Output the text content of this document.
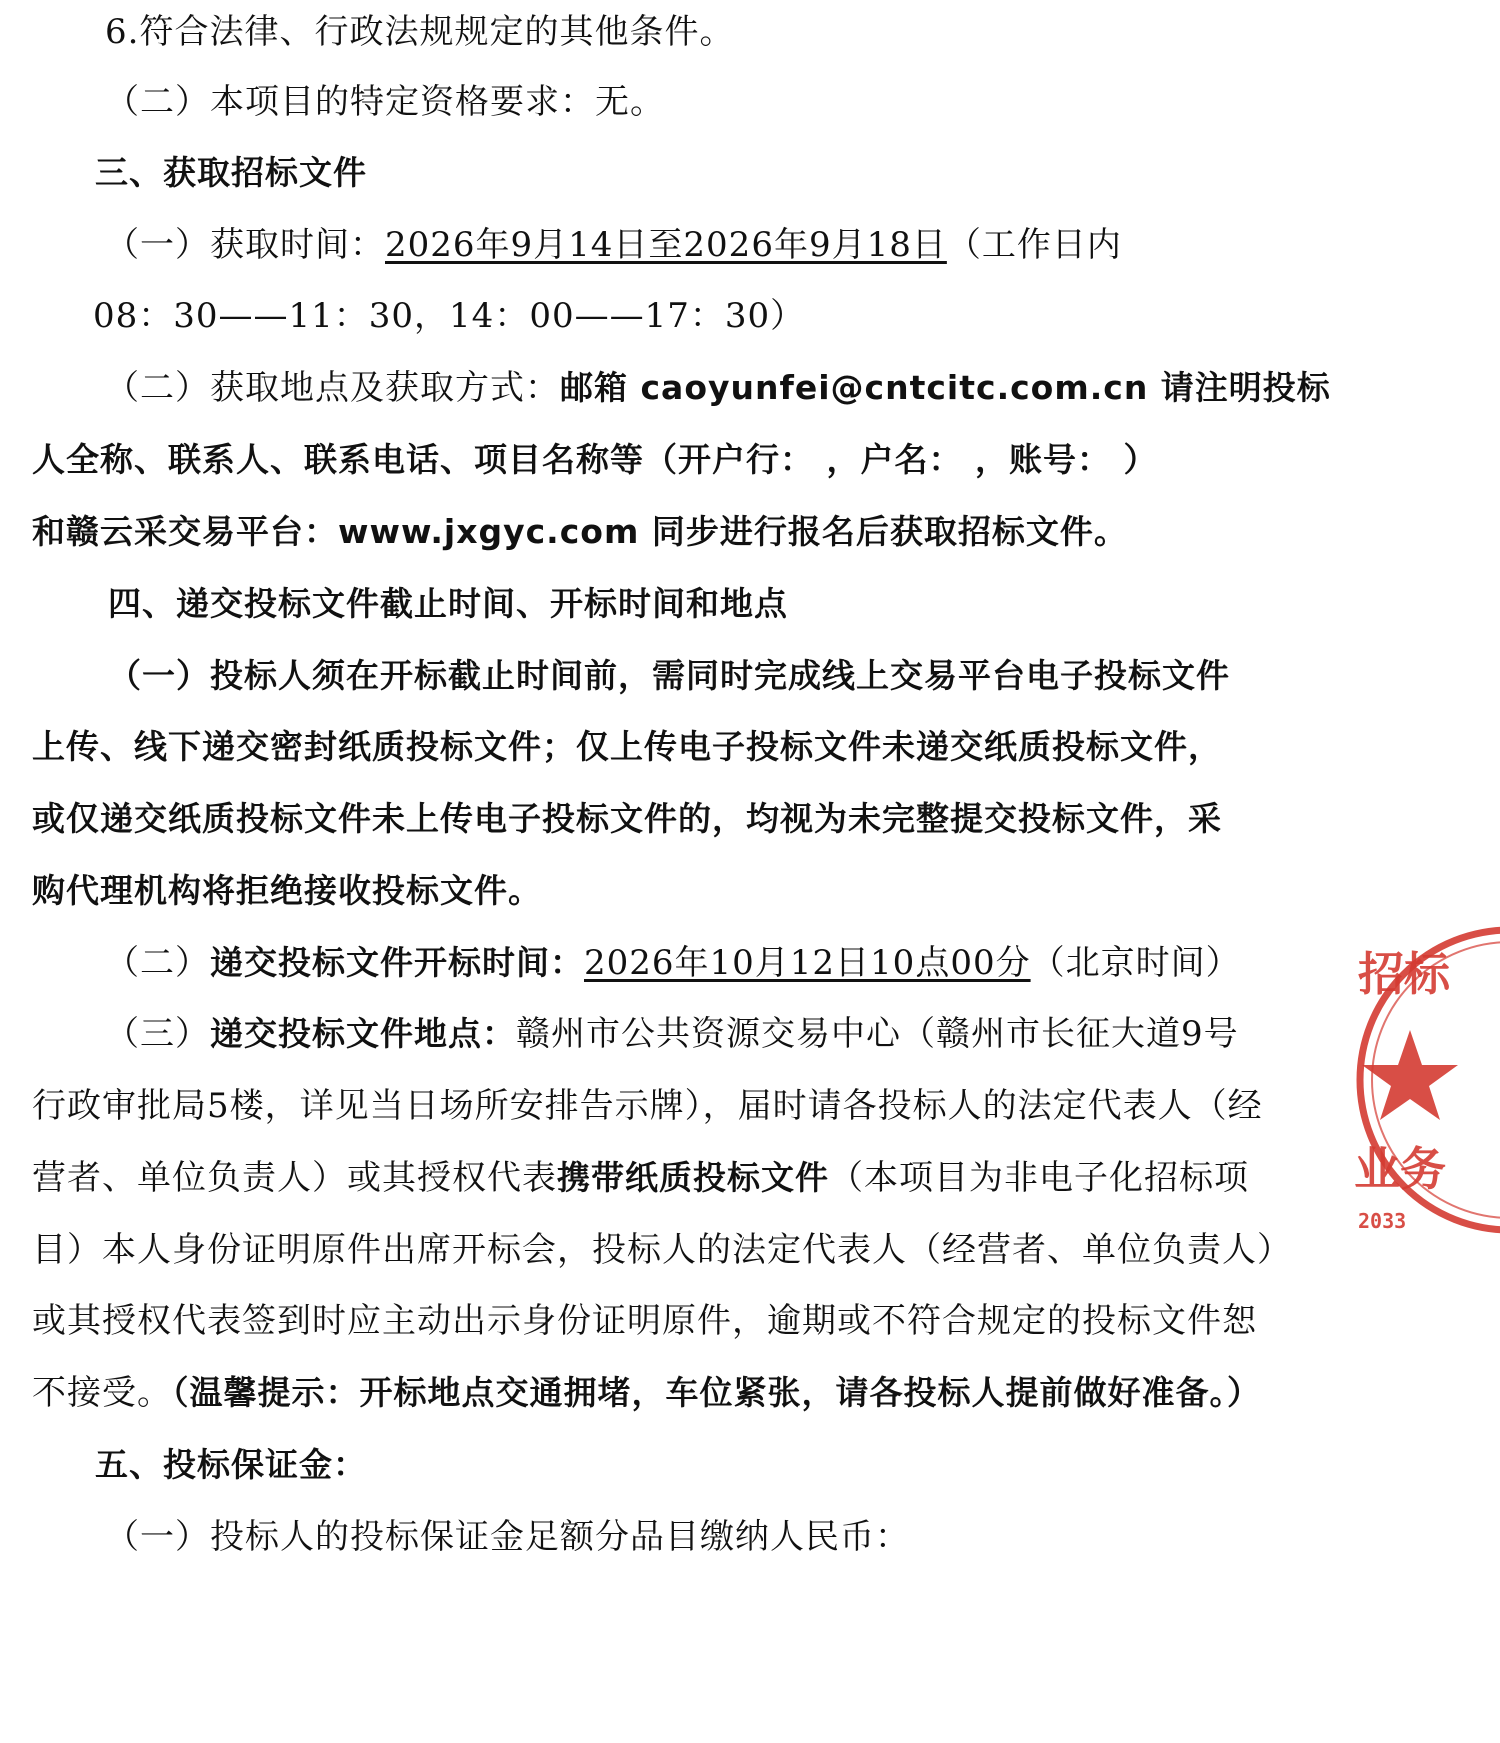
6.符合法律、行政法规规定的其他条件。
（二）本项目的特定资格要求：无。
三、获取招标文件
（一）获取时间：2026年9月14日至2026年9月18日（工作日内
08：30——11：30，14：00——17：30）
（二）获取地点及获取方式：邮箱 caoyunfei@cntcitc.com.cn 请注明投标
人全称、联系人、联系电话、项目名称等（开户行： ，户名： ，账号： ）
和赣云采交易平台：www.jxgyc.com 同步进行报名后获取招标文件。
四、递交投标文件截止时间、开标时间和地点
（一）投标人须在开标截止时间前，需同时完成线上交易平台电子投标文件
上传、线下递交密封纸质投标文件；仅上传电子投标文件未递交纸质投标文件，
或仅递交纸质投标文件未上传电子投标文件的，均视为未完整提交投标文件，采
购代理机构将拒绝接收投标文件。
（二）递交投标文件开标时间：2026年10月12日10点00分（北京时间）
（三）递交投标文件地点：赣州市公共资源交易中心（赣州市长征大道9号
行政审批局5楼，详见当日场所安排告示牌），届时请各投标人的法定代表人（经
营者、单位负责人）或其授权代表携带纸质投标文件（本项目为非电子化招标项
目）本人身份证明原件出席开标会，投标人的法定代表人（经营者、单位负责人）
或其授权代表签到时应主动出示身份证明原件，逾期或不符合规定的投标文件恕
不接受。（温馨提示：开标地点交通拥堵，车位紧张，请各投标人提前做好准备。）
五、投标保证金：
（一）投标人的投标保证金足额分品目缴纳人民币：
招标
业务
2033
